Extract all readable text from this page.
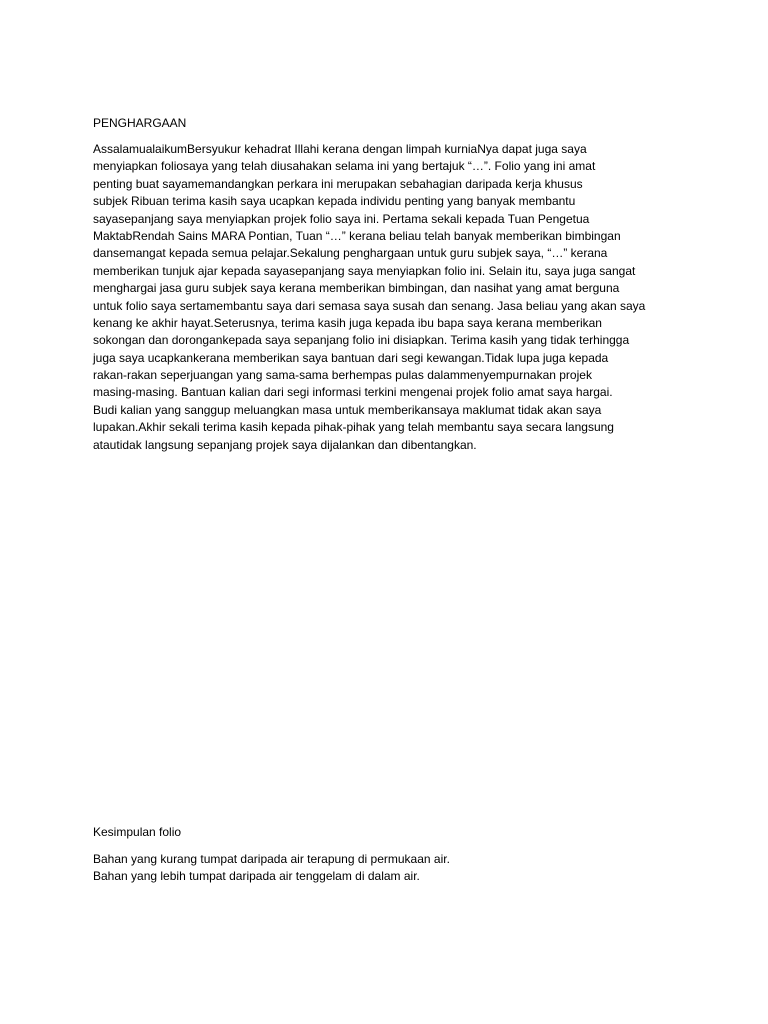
PENGHARGAAN
AssalamualaikumBersyukur kehadrat Illahi kerana dengan limpah kurniaNya dapat juga saya
menyiapkan foliosaya yang telah diusahakan selama ini yang bertajuk “…”. Folio yang ini amat
penting buat sayamemandangkan perkara ini merupakan sebahagian daripada kerja khusus
subjek Ribuan terima kasih saya ucapkan kepada individu penting yang banyak membantu
sayasepanjang saya menyiapkan projek folio saya ini. Pertama sekali kepada Tuan Pengetua
MaktabRendah Sains MARA Pontian, Tuan “…” kerana beliau telah banyak memberikan bimbingan
dansemangat kepada semua pelajar.Sekalung penghargaan untuk guru subjek saya, “…” kerana
memberikan tunjuk ajar kepada sayasepanjang saya menyiapkan folio ini. Selain itu, saya juga sangat
menghargai jasa guru subjek saya kerana memberikan bimbingan, dan nasihat yang amat berguna
untuk folio saya sertamembantu saya dari semasa saya susah dan senang. Jasa beliau yang akan saya
kenang ke akhir hayat.Seterusnya, terima kasih juga kepada ibu bapa saya kerana memberikan
sokongan dan dorongankepada saya sepanjang folio ini disiapkan. Terima kasih yang tidak terhingga
juga saya ucapkankerana memberikan saya bantuan dari segi kewangan.Tidak lupa juga kepada
rakan-rakan seperjuangan yang sama-sama berhempas pulas dalammenyempurnakan projek
masing-masing. Bantuan kalian dari segi informasi terkini mengenai projek folio amat saya hargai.
Budi kalian yang sanggup meluangkan masa untuk memberikansaya maklumat tidak akan saya
lupakan.Akhir sekali terima kasih kepada pihak-pihak yang telah membantu saya secara langsung
atautidak langsung sepanjang projek saya dijalankan dan dibentangkan.
Kesimpulan folio
Bahan yang kurang tumpat daripada air terapung di permukaan air.
Bahan yang lebih tumpat daripada air tenggelam di dalam air.
